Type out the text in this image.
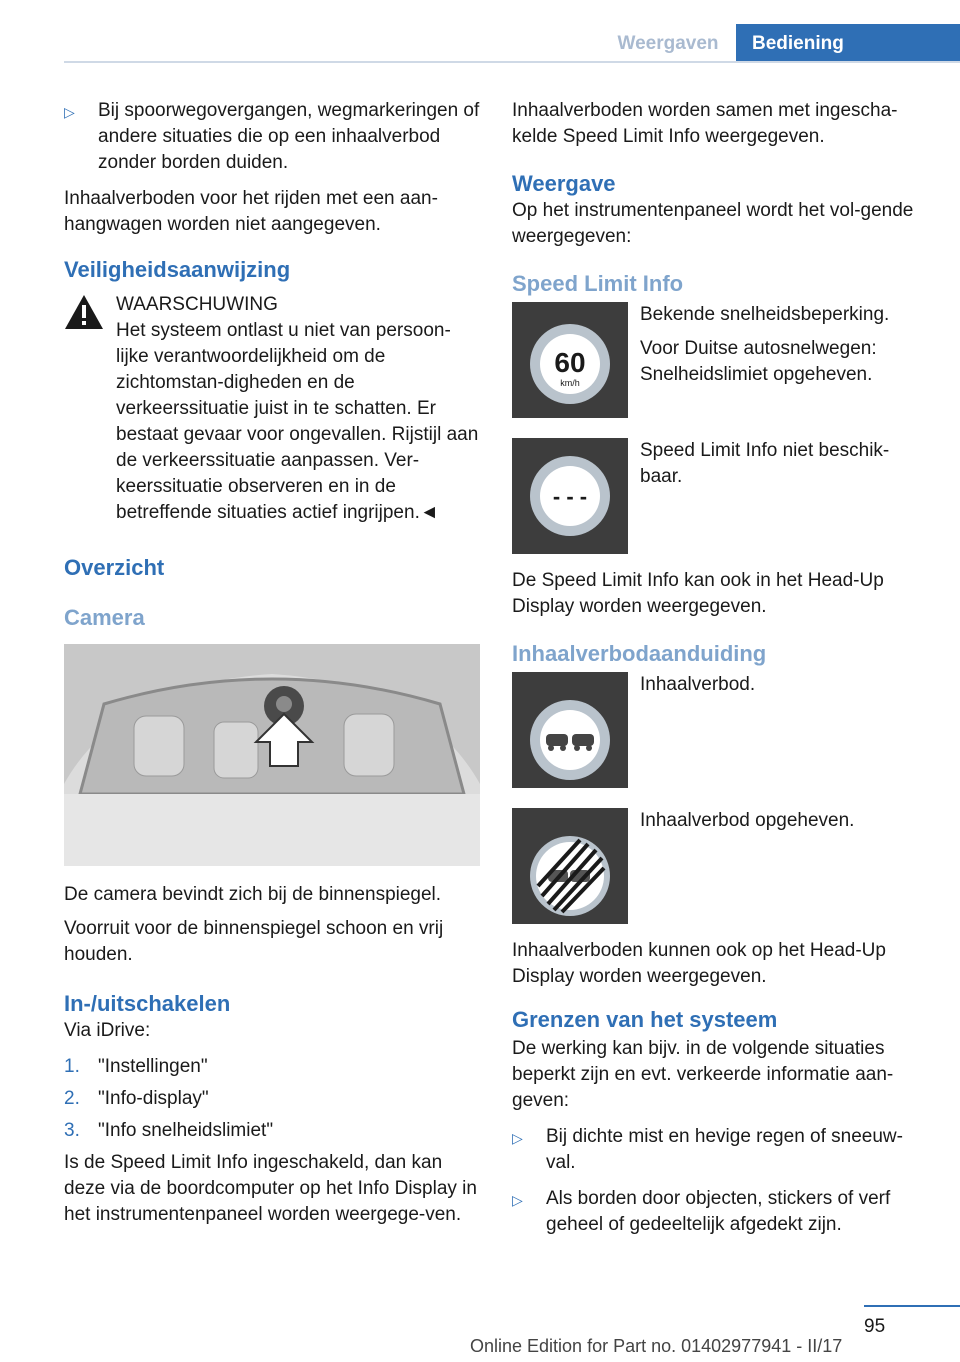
Weergaven	Bediening
▷	Bij spoorwegovergangen, wegmarkeringen of andere situaties die op een inhaalverbod zonder borden duiden.

Inhaalverboden voor het rijden met een aan-hangwagen worden niet aangegeven.

Veiligheidsaanwijzing
WAARSCHUWING
Het systeem ontlast u niet van persoon-lijke verantwoordelijkheid om de zichtomstan-digheden en de verkeerssituatie juist in te schatten. Er bestaat gevaar voor ongevallen. Rijstijl aan de verkeerssituatie aanpassen. Ver-keerssituatie observeren en in de betreffende situaties actief ingrijpen.◄
Overzicht
Camera

De camera bevindt zich bij de binnenspiegel.

Voorruit voor de binnenspiegel schoon en vrij houden.

In-/uitschakelen

Via iDrive:

1. "Instellingen"
2. "Info-display"
3. "Info snelheidslimiet"

Is de Speed Limit Info ingeschakeld, dan kan deze via de boordcomputer op het Info Display in het instrumentenpaneel worden weergege-ven.

Inhaalverboden worden samen met ingescha-kelde Speed Limit Info weergegeven.

Weergave

Op het instrumentenpaneel wordt het vol-gende weergegeven:

Speed Limit Info
60
km/h

Bekende snelheidsbeperking.

Voor Duitse autosnelwegen: Snelheidslimiet opgeheven.

- - -

Speed Limit Info niet beschik-baar.

De Speed Limit Info kan ook in het Head-Up Display worden weergegeven.

Inhaalverbodaanduiding

Inhaalverbod.

Inhaalverbod opgeheven.

Inhaalverboden kunnen ook op het Head-Up Display worden weergegeven.

Grenzen van het systeem

De werking kan bijv. in de volgende situaties beperkt zijn en evt. verkeerde informatie aan-geven:

▷	Bij dichte mist en hevige regen of sneeuw-val.
▷	Als borden door objecten, stickers of verf geheel of gedeeltelijk afgedekt zijn.
95
Online Edition for Part no. 01402977941 - II/17
